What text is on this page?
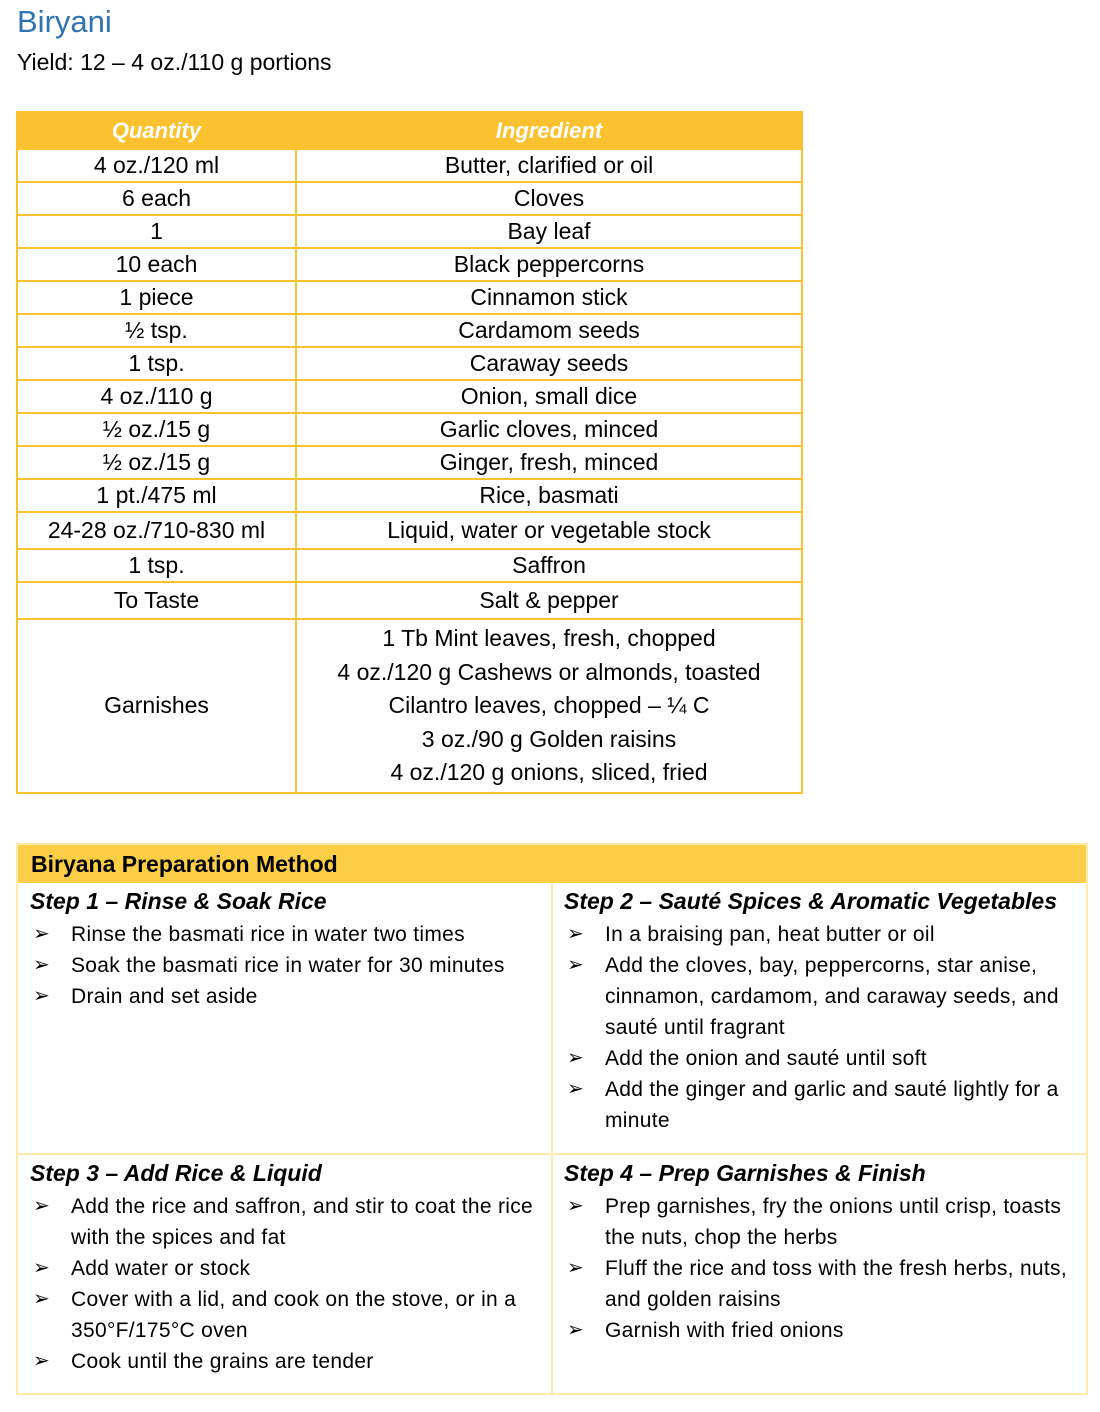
Biryani
Yield: 12 – 4 oz./110 g portions
Quantity	Ingredient
4 oz./120 ml	Butter, clarified or oil
6 each	Cloves
1	Bay leaf
10 each	Black peppercorns
1 piece	Cinnamon stick
½ tsp.	Cardamom seeds
1 tsp.	Caraway seeds
4 oz./110 g	Onion, small dice
½ oz./15 g	Garlic cloves, minced
½ oz./15 g	Ginger, fresh, minced
1 pt./475 ml	Rice, basmati
24-28 oz./710-830 ml	Liquid, water or vegetable stock
1 tsp.	Saffron
To Taste	Salt & pepper
Garnishes	1 Tb Mint leaves, fresh, chopped
4 oz./120 g Cashews or almonds, toasted
Cilantro leaves, chopped – ¼ C
3 oz./90 g Golden raisins
4 oz./120 g onions, sliced, fried
Biryana Preparation Method
Step 1 – Rinse & Soak Rice
➢ Rinse the basmati rice in water two times
➢ Soak the basmati rice in water for 30 minutes
➢ Drain and set aside
Step 2 – Sauté Spices & Aromatic Vegetables
➢ In a braising pan, heat butter or oil
➢ Add the cloves, bay, peppercorns, star anise, cinnamon, cardamom, and caraway seeds, and sauté until fragrant
➢ Add the onion and sauté until soft
➢ Add the ginger and garlic and sauté lightly for a minute
Step 3 – Add Rice & Liquid
➢ Add the rice and saffron, and stir to coat the rice with the spices and fat
➢ Add water or stock
➢ Cover with a lid, and cook on the stove, or in a 350°F/175°C oven
➢ Cook until the grains are tender
Step 4 – Prep Garnishes & Finish
➢ Prep garnishes, fry the onions until crisp, toasts the nuts, chop the herbs
➢ Fluff the rice and toss with the fresh herbs, nuts, and golden raisins
➢ Garnish with fried onions
